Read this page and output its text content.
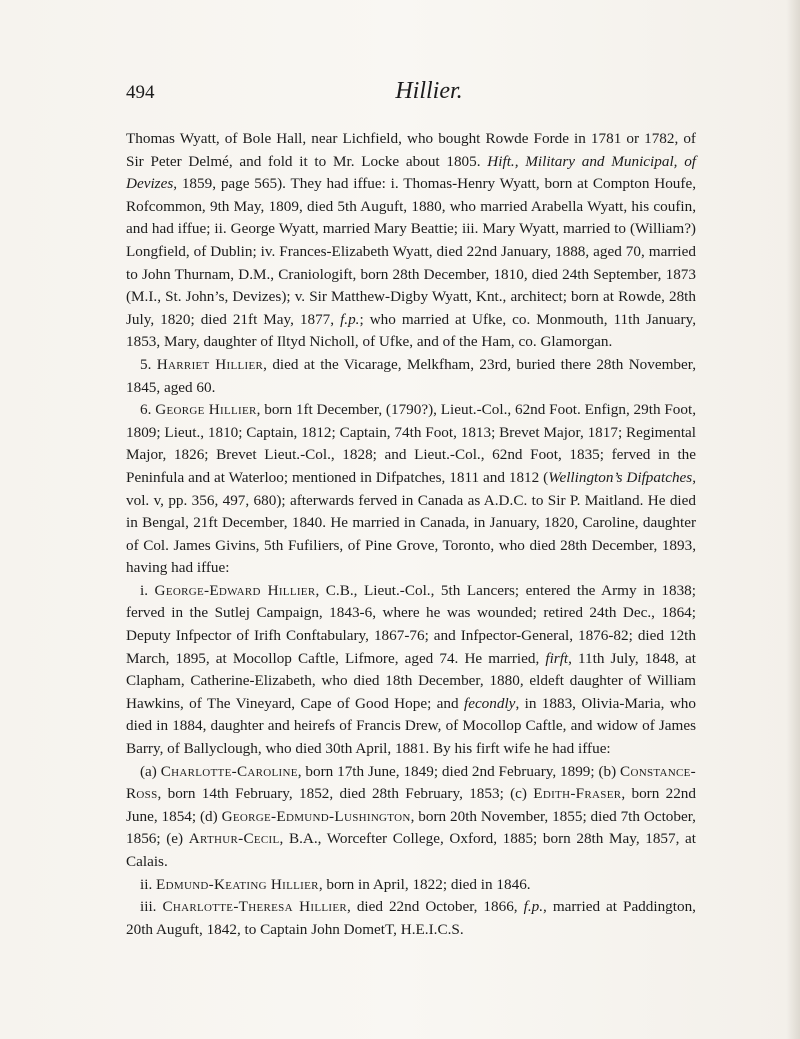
494	Hillier.

Thomas Wyatt, of Bole Hall, near Lichfield, who bought Rowde Forde in 1781 or 1782, of Sir Peter Delmé, and fold it to Mr. Locke about 1805. Hift., Military and Municipal, of Devizes, 1859, page 565). They had iffue: i. Thomas-Henry Wyatt, born at Compton Houfe, Rofcommon, 9th May, 1809, died 5th Auguft, 1880, who married Arabella Wyatt, his coufin, and had iffue; ii. George Wyatt, married Mary Beattie; iii. Mary Wyatt, married to (William?) Longfield, of Dublin; iv. Frances-Elizabeth Wyatt, died 22nd January, 1888, aged 70, married to John Thurnam, D.M., Craniologift, born 28th December, 1810, died 24th September, 1873 (M.I., St. John’s, Devizes); v. Sir Matthew-Digby Wyatt, Knt., architect; born at Rowde, 28th July, 1820; died 21ft May, 1877, f.p.; who married at Ufke, co. Monmouth, 11th January, 1853, Mary, daughter of Iltyd Nicholl, of Ufke, and of the Ham, co. Glamorgan.

5. Harriet Hillier, died at the Vicarage, Melkfham, 23rd, buried there 28th November, 1845, aged 60.

6. George Hillier, born 1ft December, (1790?), Lieut.-Col., 62nd Foot. Enfign, 29th Foot, 1809; Lieut., 1810; Captain, 1812; Captain, 74th Foot, 1813; Brevet Major, 1817; Regimental Major, 1826; Brevet Lieut.-Col., 1828; and Lieut.-Col., 62nd Foot, 1835; ferved in the Peninfula and at Waterloo; mentioned in Difpatches, 1811 and 1812 (Wellington’s Difpatches, vol. v, pp. 356, 497, 680); afterwards ferved in Canada as A.D.C. to Sir P. Maitland. He died in Bengal, 21ft December, 1840. He married in Canada, in January, 1820, Caroline, daughter of Col. James Givins, 5th Fufiliers, of Pine Grove, Toronto, who died 28th December, 1893, having had iffue:

i. George-Edward Hillier, C.B., Lieut.-Col., 5th Lancers; entered the Army in 1838; ferved in the Sutlej Campaign, 1843-6, where he was wounded; retired 24th Dec., 1864; Deputy Infpector of Irifh Conftabulary, 1867-76; and Infpector-General, 1876-82; died 12th March, 1895, at Mocollop Caftle, Lifmore, aged 74. He married, firft, 11th July, 1848, at Clapham, Catherine-Elizabeth, who died 18th December, 1880, eldeft daughter of William Hawkins, of The Vineyard, Cape of Good Hope; and fecondly, in 1883, Olivia-Maria, who died in 1884, daughter and heirefs of Francis Drew, of Mocollop Caftle, and widow of James Barry, of Ballyclough, who died 30th April, 1881. By his firft wife he had iffue:

(a) Charlotte-Caroline, born 17th June, 1849; died 2nd February, 1899; (b) Constance-Ross, born 14th February, 1852, died 28th February, 1853; (c) Edith-Fraser, born 22nd June, 1854; (d) George-Edmund-Lushington, born 20th November, 1855; died 7th October, 1856; (e) Arthur-Cecil, B.A., Worcefter College, Oxford, 1885; born 28th May, 1857, at Calais.

ii. Edmund-Keating Hillier, born in April, 1822; died in 1846.

iii. Charlotte-Theresa Hillier, died 22nd October, 1866, f.p., married at Paddington, 20th Auguft, 1842, to Captain John DometT, H.E.I.C.S.
